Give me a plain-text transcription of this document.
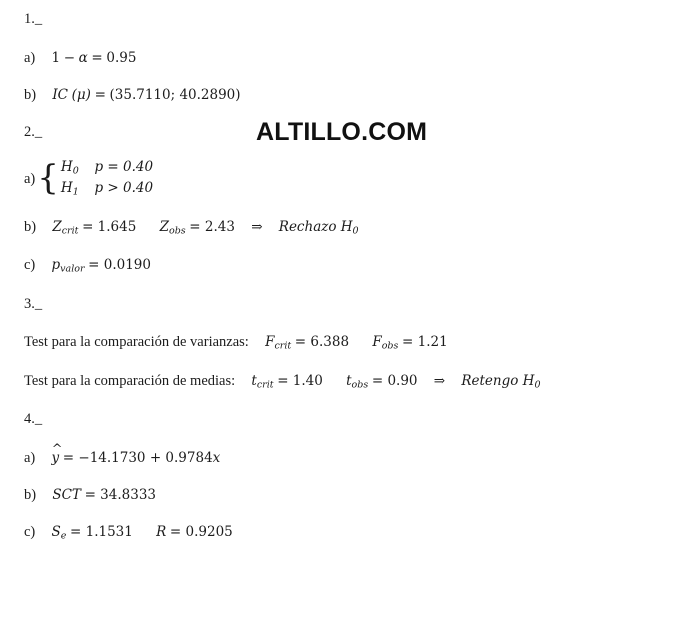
ALTILLO.COM
1._
a) 1 − α = 0.95
b) IC (μ) = (35.7110; 40.2890)
2._
a) { $H_0$ p = 0.40
$H_1$ p > 0.40
b) $Z_{crit} = 1.645$ $Z_{obs} = 2.43$ ⇒ Rechazo $H_0$
c) $p_{valor} = 0.0190$
3._
Test para la comparación de varianzas: $F_{crit} = 6.388$ $F_{obs} = 1.21$
Test para la comparación de medias: $t_{crit} = 1.40$ $t_{obs} = 0.90$ ⇒ Retengo $H_0$
4._
a) y ^ = −14.1730 + 0.9784x
b) SCT = 34.8333
c) $S_e = 1.1531$ R = 0.9205
